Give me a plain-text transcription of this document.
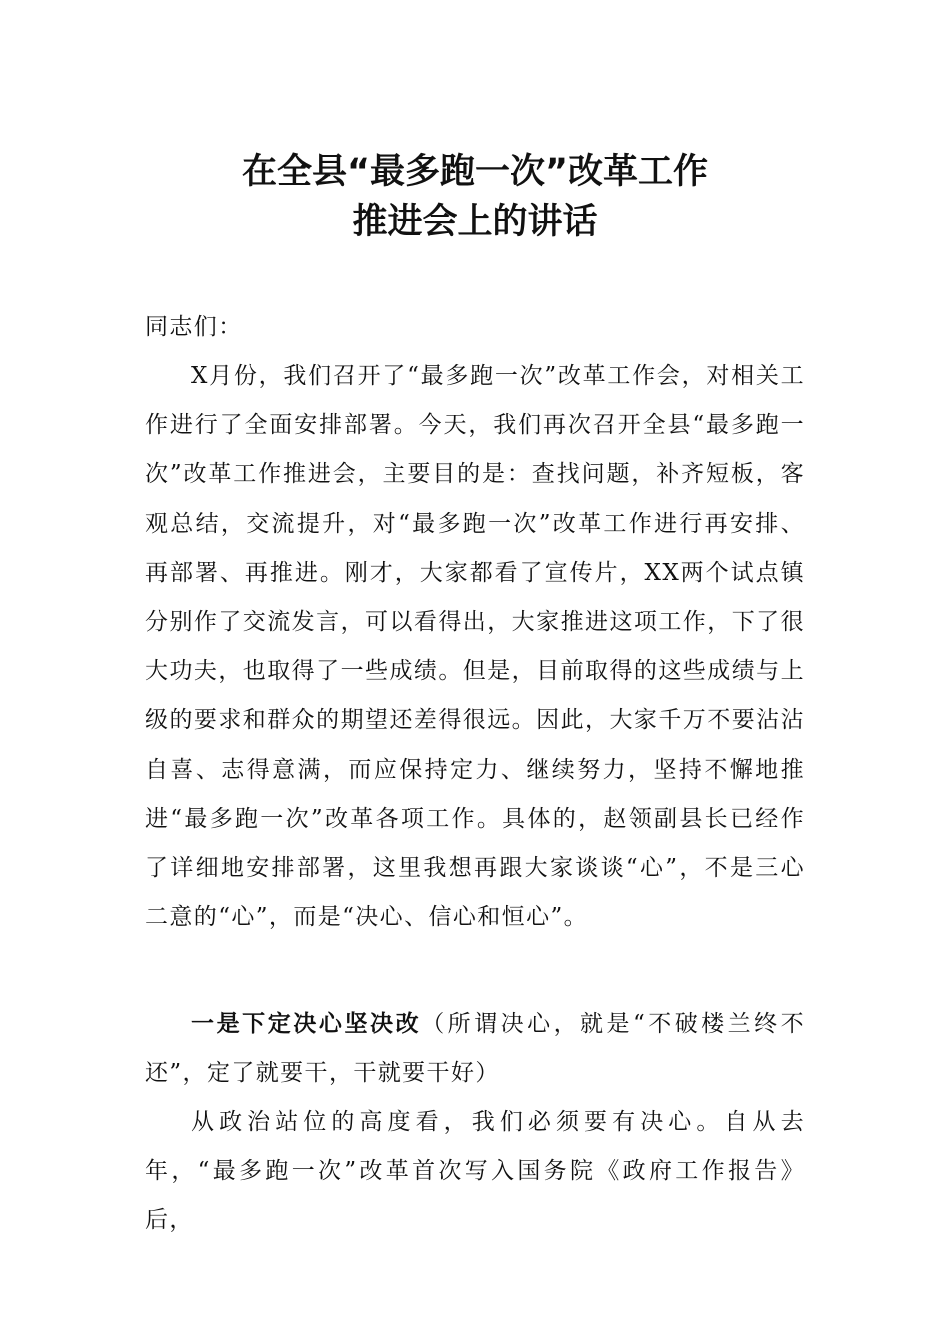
在全县“最多跑一次”改革工作
推进会上的讲话
同志们：

X月份，我们召开了“最多跑一次”改革工作会，对相关工作进行了全面安排部署。今天，我们再次召开全县“最多跑一次”改革工作推进会，主要目的是：查找问题，补齐短板，客观总结，交流提升，对“最多跑一次”改革工作进行再安排、再部署、再推进。刚才，大家都看了宣传片，XX两个试点镇分别作了交流发言，可以看得出，大家推进这项工作，下了很大功夫，也取得了一些成绩。但是，目前取得的这些成绩与上级的要求和群众的期望还差得很远。因此，大家千万不要沾沾自喜、志得意满，而应保持定力、继续努力，坚持不懈地推进“最多跑一次”改革各项工作。具体的，赵领副县长已经作了详细地安排部署，这里我想再跟大家谈谈“心”，不是三心二意的“心”，而是“决心、信心和恒心”。

一是下定决心坚决改（所谓决心，就是“不破楼兰终不还”，定了就要干，干就要干好）

从政治站位的高度看，我们必须要有决心。自从去年，“最多跑一次”改革首次写入国务院《政府工作报告》后，
